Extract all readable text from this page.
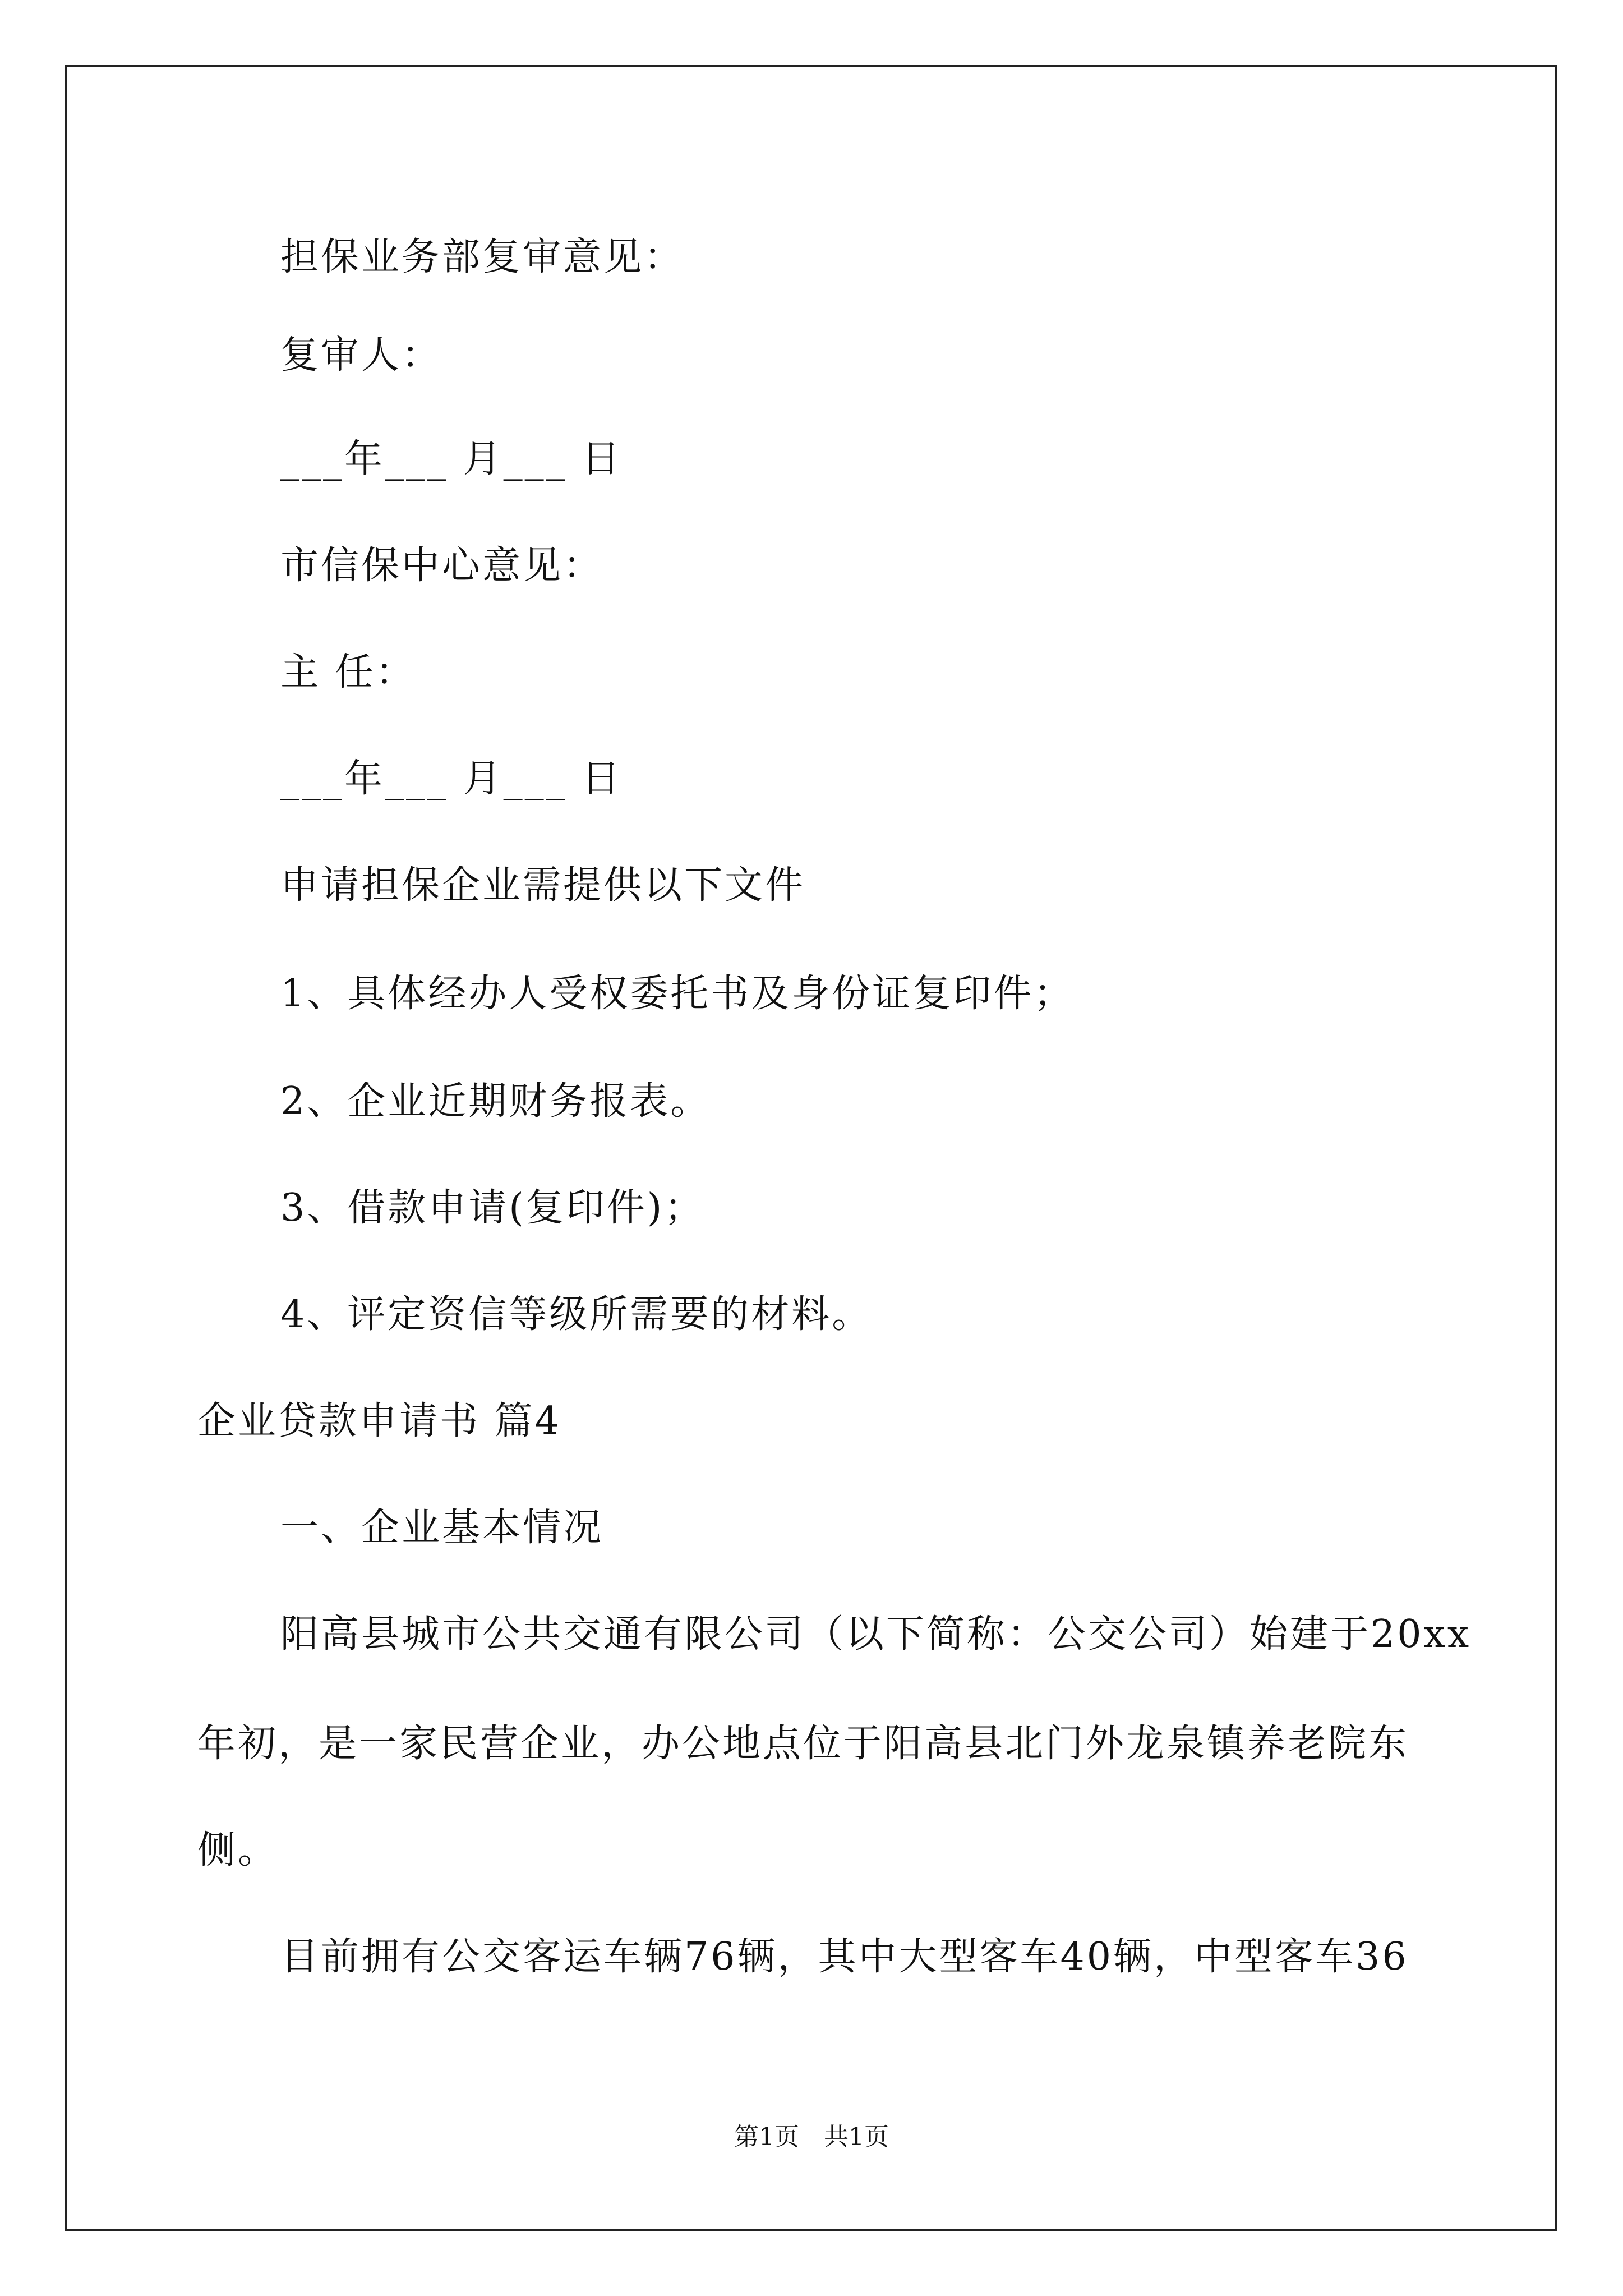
担保业务部复审意见：
复审人：
___年___ 月___ 日
市信保中心意见：
主 任：
___年___ 月___ 日
申请担保企业需提供以下文件
1、具体经办人受权委托书及身份证复印件；
2、企业近期财务报表。
3、借款申请(复印件)；
4、评定资信等级所需要的材料。
企业贷款申请书 篇4
一、企业基本情况
阳高县城市公共交通有限公司（以下简称：公交公司）始建于20xx
年初，是一家民营企业，办公地点位于阳高县北门外龙泉镇养老院东
侧。
目前拥有公交客运车辆76辆，其中大型客车40辆，中型客车36
第1页　共1页
